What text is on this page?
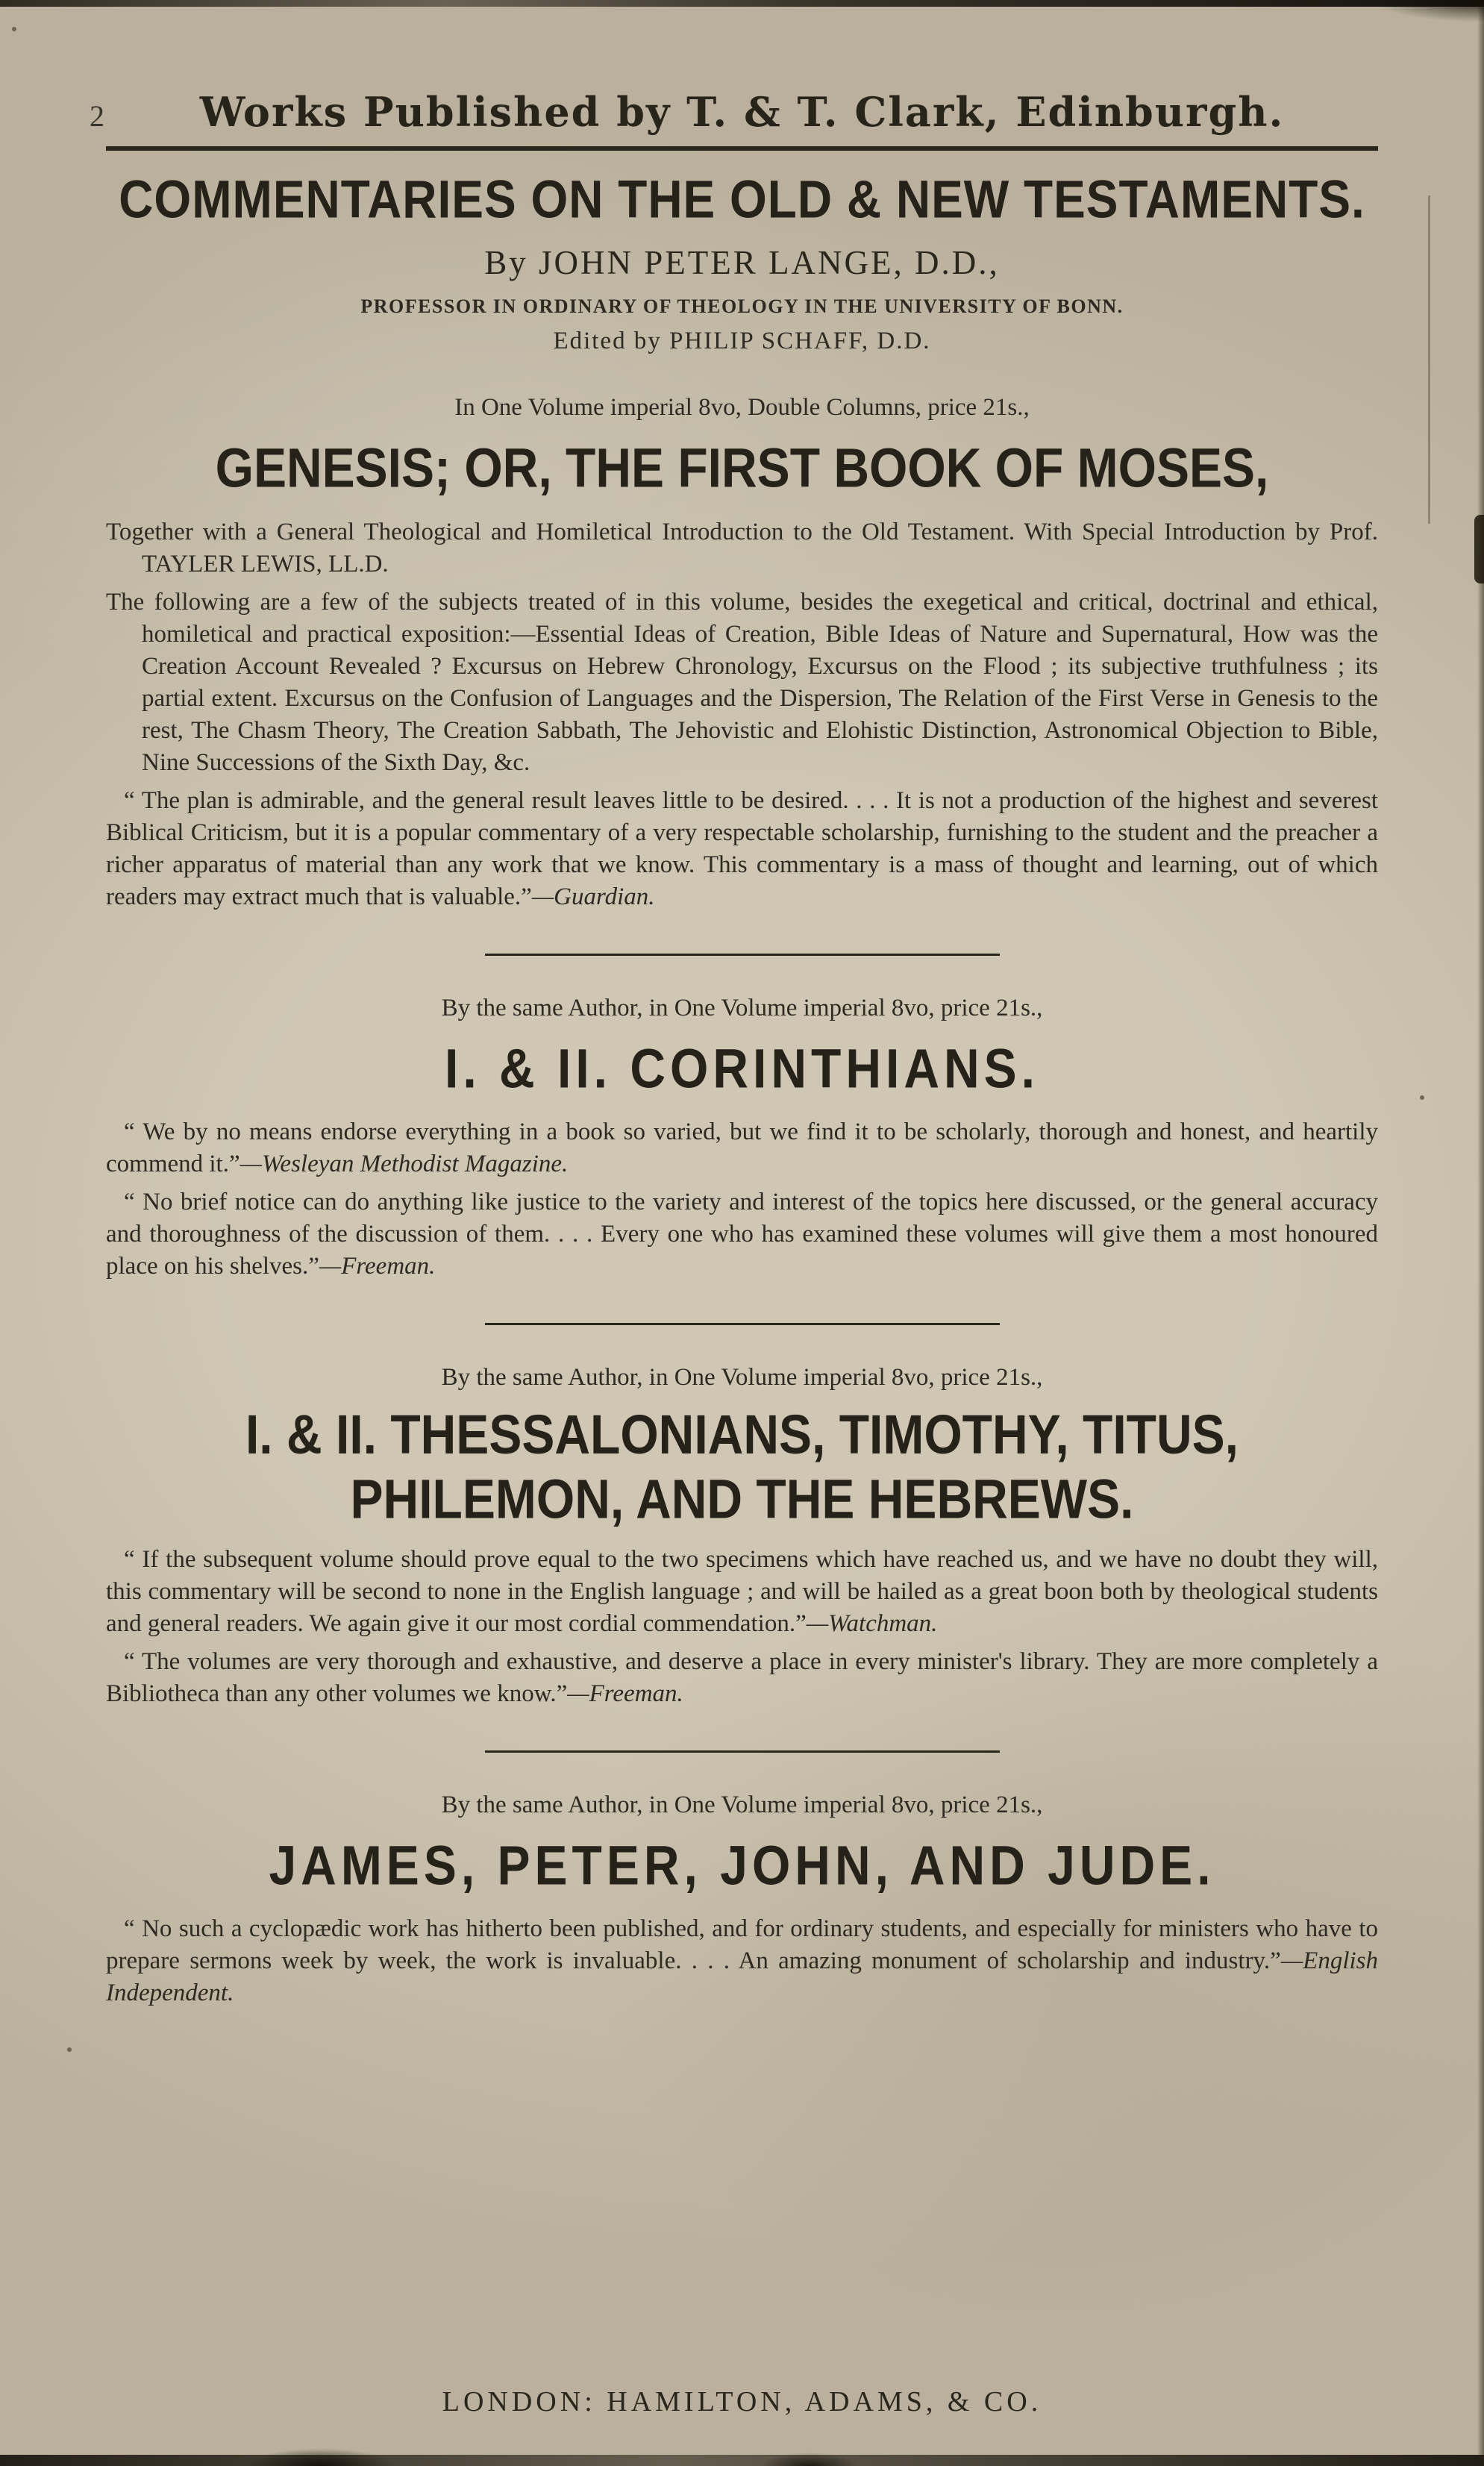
2 Works Published by T. & T. Clark, Edinburgh.
COMMENTARIES ON THE OLD & NEW TESTAMENTS.
By JOHN PETER LANGE, D.D.,
PROFESSOR IN ORDINARY OF THEOLOGY IN THE UNIVERSITY OF BONN.
Edited by PHILIP SCHAFF, D.D.
In One Volume imperial 8vo, Double Columns, price 21s.,
GENESIS; OR, THE FIRST BOOK OF MOSES,

Together with a General Theological and Homiletical Introduction to the Old Testament. With Special Introduction by Prof. TAYLER LEWIS, LL.D.

The following are a few of the subjects treated of in this volume, besides the exegetical and critical, doctrinal and ethical, homiletical and practical exposition:—Essential Ideas of Creation, Bible Ideas of Nature and Supernatural, How was the Creation Account Revealed ? Excursus on Hebrew Chronology, Excursus on the Flood ; its subjective truthfulness ; its partial extent. Excursus on the Confusion of Languages and the Dispersion, The Relation of the First Verse in Genesis to the rest, The Chasm Theory, The Creation Sabbath, The Jehovistic and Elohistic Distinction, Astronomical Objection to Bible, Nine Successions of the Sixth Day, &c.

“ The plan is admirable, and the general result leaves little to be desired. . . . It is not a production of the highest and severest Biblical Criticism, but it is a popular commentary of a very respectable scholarship, furnishing to the student and the preacher a richer apparatus of material than any work that we know. This commentary is a mass of thought and learning, out of which readers may extract much that is valuable.”—Guardian.

By the same Author, in One Volume imperial 8vo, price 21s.,
I. & II. CORINTHIANS.

“ We by no means endorse everything in a book so varied, but we find it to be scholarly, thorough and honest, and heartily commend it.”—Wesleyan Methodist Magazine.

“ No brief notice can do anything like justice to the variety and interest of the topics here discussed, or the general accuracy and thoroughness of the discussion of them. . . . Every one who has examined these volumes will give them a most honoured place on his shelves.”—Freeman.

By the same Author, in One Volume imperial 8vo, price 21s.,
I. & II. THESSALONIANS, TIMOTHY, TITUS, PHILEMON, AND THE HEBREWS.

“ If the subsequent volume should prove equal to the two specimens which have reached us, and we have no doubt they will, this commentary will be second to none in the English language ; and will be hailed as a great boon both by theological students and general readers. We again give it our most cordial commendation.”—Watchman.

“ The volumes are very thorough and exhaustive, and deserve a place in every minister's library. They are more completely a Bibliotheca than any other volumes we know.”—Freeman.

By the same Author, in One Volume imperial 8vo, price 21s.,
JAMES, PETER, JOHN, AND JUDE.

“ No such a cyclopædic work has hitherto been published, and for ordinary students, and especially for ministers who have to prepare sermons week by week, the work is invaluable. . . . An amazing monument of scholarship and industry.”—English Independent.

LONDON: HAMILTON, ADAMS, & CO.
